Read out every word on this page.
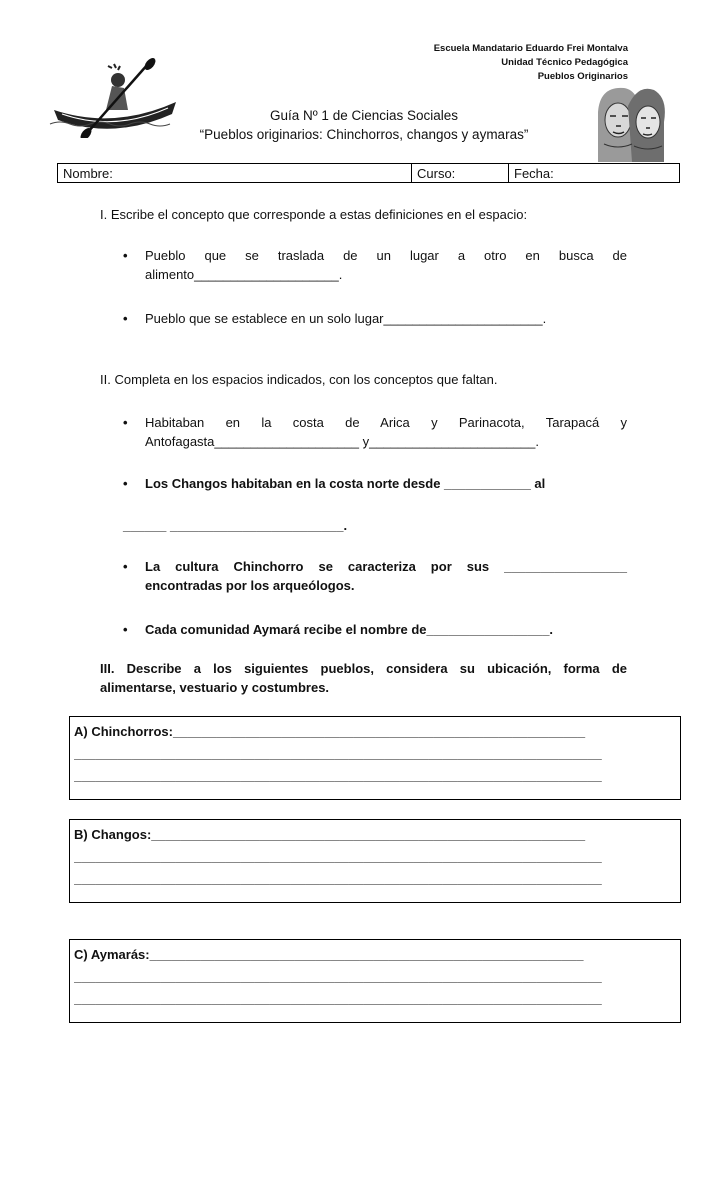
Escuela Mandatario Eduardo Frei Montalva
Unidad Técnico Pedagógica
Pueblos Originarios
Guía Nº 1 de Ciencias Sociales
“Pueblos originarios: Chinchorros, changos y aymaras”
Nombre:	Curso:	Fecha:
I. Escribe el concepto que corresponde a estas definiciones en el espacio:
• Pueblo que se traslada de un lugar a otro en busca de
alimento____________________.
• Pueblo que se establece en un solo lugar______________________.
II. Completa en los espacios indicados, con los conceptos que faltan.
• Habitaban en la costa de Arica y Parinacota, Tarapacá y
Antofagasta____________________ y_______________________.
• Los Changos habitaban en la costa norte desde ____________ al
______ ________________________.
• La cultura Chinchorro se caracteriza por sus _________________
encontradas por los arqueólogos.
• Cada comunidad Aymará recibe el nombre de_________________.
III. Describe a los siguientes pueblos, considera su ubicación, forma de
alimentarse, vestuario y costumbres.
A) Chinchorros:_________________________________________________________
_________________________________________________________________________
_________________________________________________________________________
B) Changos:____________________________________________________________
_________________________________________________________________________
_________________________________________________________________________
C) Aymarás:____________________________________________________________
_________________________________________________________________________
_________________________________________________________________________
